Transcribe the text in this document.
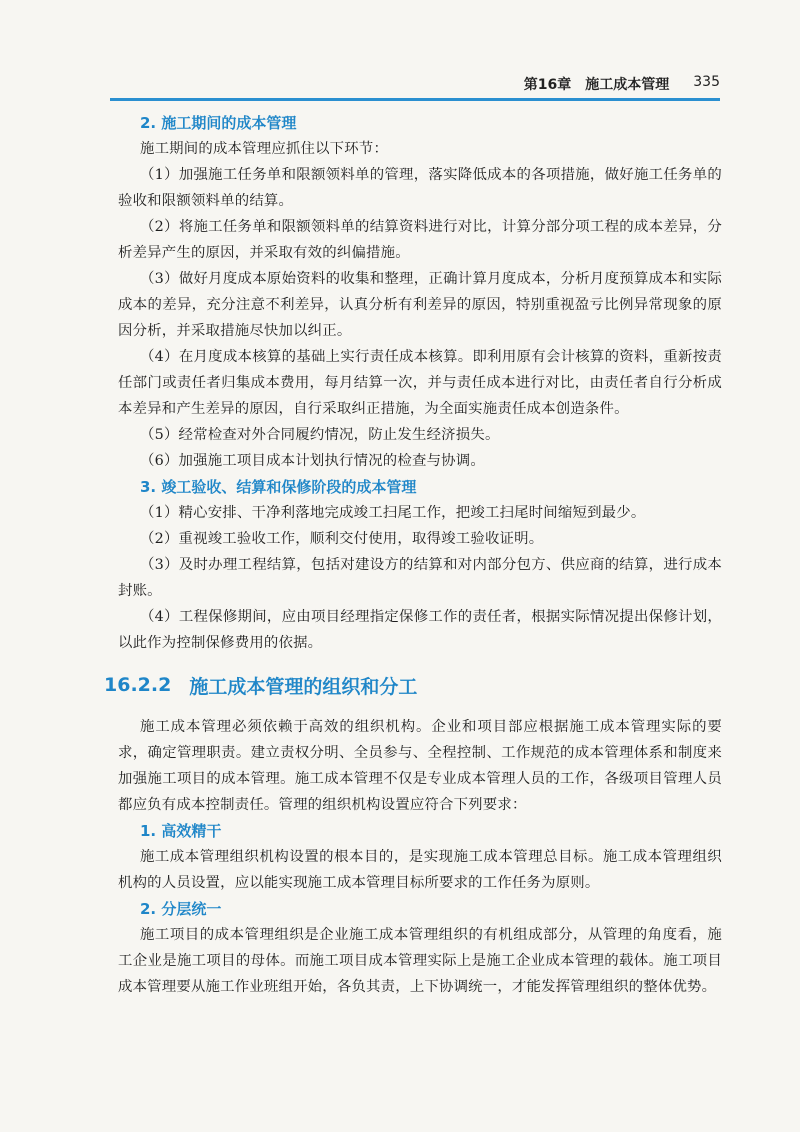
第16章 施工成本管理 335
2. 施工期间的成本管理

施工期间的成本管理应抓住以下环节：

（1）加强施工任务单和限额领料单的管理，落实降低成本的各项措施，做好施工任务单的验收和限额领料单的结算。

（2）将施工任务单和限额领料单的结算资料进行对比，计算分部分项工程的成本差异，分析差异产生的原因，并采取有效的纠偏措施。

（3）做好月度成本原始资料的收集和整理，正确计算月度成本，分析月度预算成本和实际成本的差异，充分注意不利差异，认真分析有利差异的原因，特别重视盈亏比例异常现象的原因分析，并采取措施尽快加以纠正。

（4）在月度成本核算的基础上实行责任成本核算。即利用原有会计核算的资料，重新按责任部门或责任者归集成本费用，每月结算一次，并与责任成本进行对比，由责任者自行分析成本差异和产生差异的原因，自行采取纠正措施，为全面实施责任成本创造条件。

（5）经常检查对外合同履约情况，防止发生经济损失。

（6）加强施工项目成本计划执行情况的检查与协调。

3. 竣工验收、结算和保修阶段的成本管理

（1）精心安排、干净利落地完成竣工扫尾工作，把竣工扫尾时间缩短到最少。

（2）重视竣工验收工作，顺利交付使用，取得竣工验收证明。

（3）及时办理工程结算，包括对建设方的结算和对内部分包方、供应商的结算，进行成本封账。

（4）工程保修期间，应由项目经理指定保修工作的责任者，根据实际情况提出保修计划，以此作为控制保修费用的依据。

16.2.2 施工成本管理的组织和分工

施工成本管理必须依赖于高效的组织机构。企业和项目部应根据施工成本管理实际的要求，确定管理职责。建立责权分明、全员参与、全程控制、工作规范的成本管理体系和制度来加强施工项目的成本管理。施工成本管理不仅是专业成本管理人员的工作，各级项目管理人员都应负有成本控制责任。管理的组织机构设置应符合下列要求：

1. 高效精干

施工成本管理组织机构设置的根本目的，是实现施工成本管理总目标。施工成本管理组织机构的人员设置，应以能实现施工成本管理目标所要求的工作任务为原则。

2. 分层统一

施工项目的成本管理组织是企业施工成本管理组织的有机组成部分，从管理的角度看，施工企业是施工项目的母体。而施工项目成本管理实际上是施工企业成本管理的载体。施工项目成本管理要从施工作业班组开始，各负其责，上下协调统一，才能发挥管理组织的整体优势。
